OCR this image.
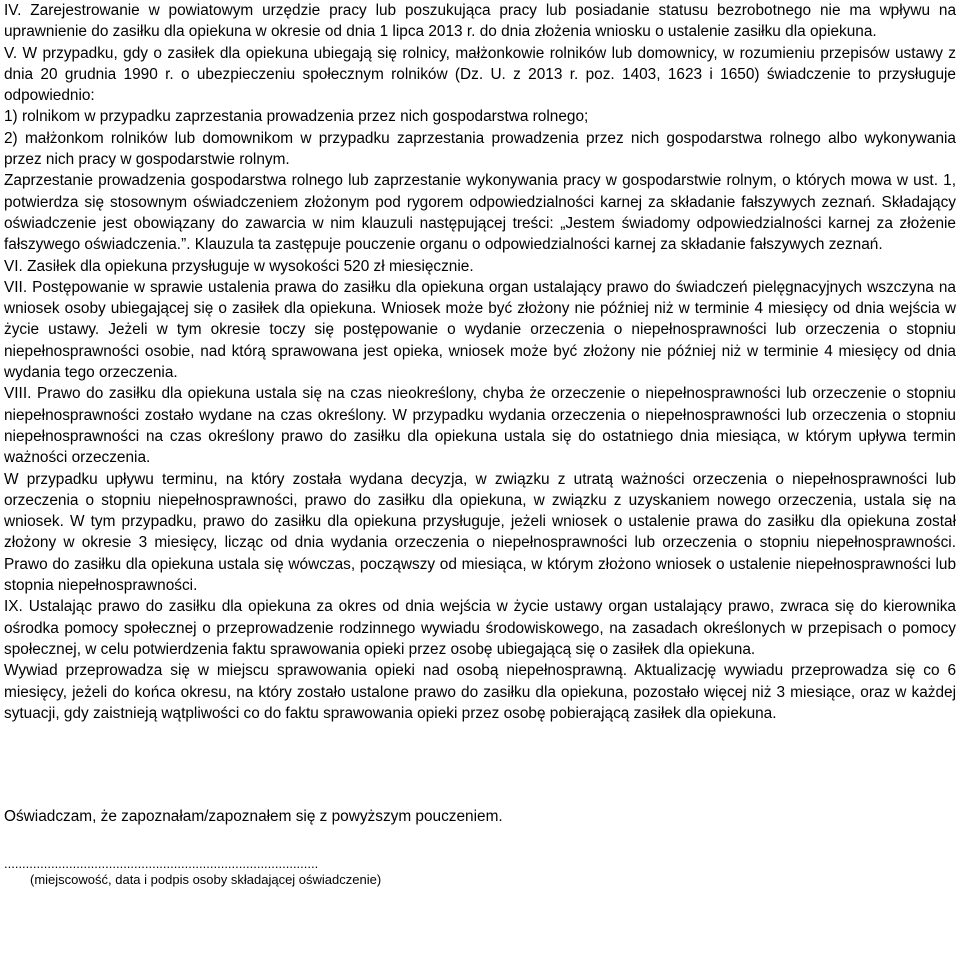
IV. Zarejestrowanie w powiatowym urzędzie pracy lub poszukująca pracy lub posiadanie statusu bezrobotnego nie ma wpływu na uprawnienie do zasiłku dla opiekuna w okresie od dnia 1 lipca 2013 r. do dnia złożenia wniosku o ustalenie zasiłku dla opiekuna.

V. W przypadku, gdy o zasiłek dla opiekuna ubiegają się rolnicy, małżonkowie rolników lub domownicy, w rozumieniu przepisów ustawy z dnia 20 grudnia 1990 r. o ubezpieczeniu społecznym rolników (Dz. U. z 2013 r. poz. 1403, 1623 i 1650) świadczenie to przysługuje odpowiednio:

1) rolnikom w przypadku zaprzestania prowadzenia przez nich gospodarstwa rolnego;

2) małżonkom rolników lub domownikom w przypadku zaprzestania prowadzenia przez nich gospodarstwa rolnego albo wykonywania przez nich pracy w gospodarstwie rolnym.

Zaprzestanie prowadzenia gospodarstwa rolnego lub zaprzestanie wykonywania pracy w gospodarstwie rolnym, o których mowa w ust. 1, potwierdza się stosownym oświadczeniem złożonym pod rygorem odpowiedzialności karnej za składanie fałszywych zeznań. Składający oświadczenie jest obowiązany do zawarcia w nim klauzuli następującej treści: „Jestem świadomy odpowiedzialności karnej za złożenie fałszywego oświadczenia.”. Klauzula ta zastępuje pouczenie organu o odpowiedzialności karnej za składanie fałszywych zeznań.

VI. Zasiłek dla opiekuna przysługuje w wysokości 520 zł miesięcznie.

VII. Postępowanie w sprawie ustalenia prawa do zasiłku dla opiekuna organ ustalający prawo do świadczeń pielęgnacyjnych wszczyna na wniosek osoby ubiegającej się o zasiłek dla opiekuna. Wniosek może być złożony nie później niż w terminie 4 miesięcy od dnia wejścia w życie ustawy. Jeżeli w tym okresie toczy się postępowanie o wydanie orzeczenia o niepełnosprawności lub orzeczenia o stopniu niepełnosprawności osobie, nad którą sprawowana jest opieka, wniosek może być złożony nie później niż w terminie 4 miesięcy od dnia wydania tego orzeczenia.

VIII. Prawo do zasiłku dla opiekuna ustala się na czas nieokreślony, chyba że orzeczenie o niepełnosprawności lub orzeczenie o stopniu niepełnosprawności zostało wydane na czas określony. W przypadku wydania orzeczenia o niepełnosprawności lub orzeczenia o stopniu niepełnosprawności na czas określony prawo do zasiłku dla opiekuna ustala się do ostatniego dnia miesiąca, w którym upływa termin ważności orzeczenia.

W przypadku upływu terminu, na który została wydana decyzja, w związku z utratą ważności orzeczenia o niepełnosprawności lub orzeczenia o stopniu niepełnosprawności, prawo do zasiłku dla opiekuna, w związku z uzyskaniem nowego orzeczenia, ustala się na wniosek. W tym przypadku, prawo do zasiłku dla opiekuna przysługuje, jeżeli wniosek o ustalenie prawa do zasiłku dla opiekuna został złożony w okresie 3 miesięcy, licząc od dnia wydania orzeczenia o niepełnosprawności lub orzeczenia o stopniu niepełnosprawności. Prawo do zasiłku dla opiekuna ustala się wówczas, począwszy od miesiąca, w którym złożono wniosek o ustalenie niepełnosprawności lub stopnia niepełnosprawności.

IX. Ustalając prawo do zasiłku dla opiekuna za okres od dnia wejścia w życie ustawy organ ustalający prawo, zwraca się do kierownika ośrodka pomocy społecznej o przeprowadzenie rodzinnego wywiadu środowiskowego, na zasadach określonych w przepisach o pomocy społecznej, w celu potwierdzenia faktu sprawowania opieki przez osobę ubiegającą się o zasiłek dla opiekuna.

Wywiad przeprowadza się w miejscu sprawowania opieki nad osobą niepełnosprawną. Aktualizację wywiadu przeprowadza się co 6 miesięcy, jeżeli do końca okresu, na który zostało ustalone prawo do zasiłku dla opiekuna, pozostało więcej niż 3 miesiące, oraz w każdej sytuacji, gdy zaistnieją wątpliwości co do faktu sprawowania opieki przez osobę pobierającą zasiłek dla opiekuna.

Oświadczam, że zapoznałam/zapoznałem się z powyższym pouczeniem.

.......................................................................................
(miejscowość, data i podpis osoby składającej oświadczenie)
